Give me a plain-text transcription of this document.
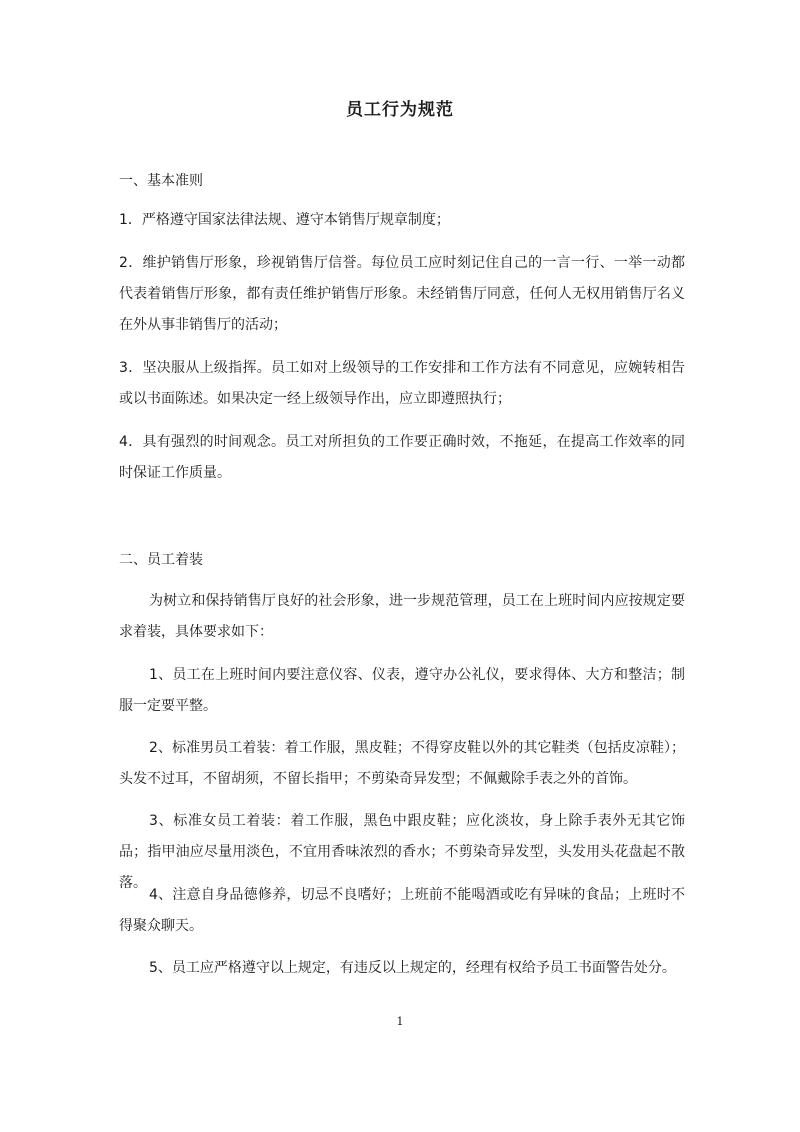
员工行为规范
一、基本准则
1．严格遵守国家法律法规、遵守本销售厅规章制度；
2．维护销售厅形象，珍视销售厅信誉。每位员工应时刻记住自己的一言一行、一举一动都代表着销售厅形象，都有责任维护销售厅形象。未经销售厅同意，任何人无权用销售厅名义在外从事非销售厅的活动；
3．坚决服从上级指挥。员工如对上级领导的工作安排和工作方法有不同意见，应婉转相告或以书面陈述。如果决定一经上级领导作出，应立即遵照执行；
4．具有强烈的时间观念。员工对所担负的工作要正确时效，不拖延，在提高工作效率的同时保证工作质量。
二、员工着装
为树立和保持销售厅良好的社会形象，进一步规范管理，员工在上班时间内应按规定要求着装，具体要求如下：
1、员工在上班时间内要注意仪容、仪表，遵守办公礼仪，要求得体、大方和整洁；制服一定要平整。
2、标准男员工着装：着工作服，黑皮鞋；不得穿皮鞋以外的其它鞋类（包括皮凉鞋）；头发不过耳，不留胡须，不留长指甲；不剪染奇异发型；不佩戴除手表之外的首饰。
3、标准女员工着装：着工作服，黑色中跟皮鞋；应化淡妆，身上除手表外无其它饰品；指甲油应尽量用淡色，不宜用香味浓烈的香水；不剪染奇异发型，头发用头花盘起不散落。
4、注意自身品德修养，切忌不良嗜好；上班前不能喝酒或吃有异味的食品；上班时不得聚众聊天。
5、员工应严格遵守以上规定，有违反以上规定的，经理有权给予员工书面警告处分。
1
